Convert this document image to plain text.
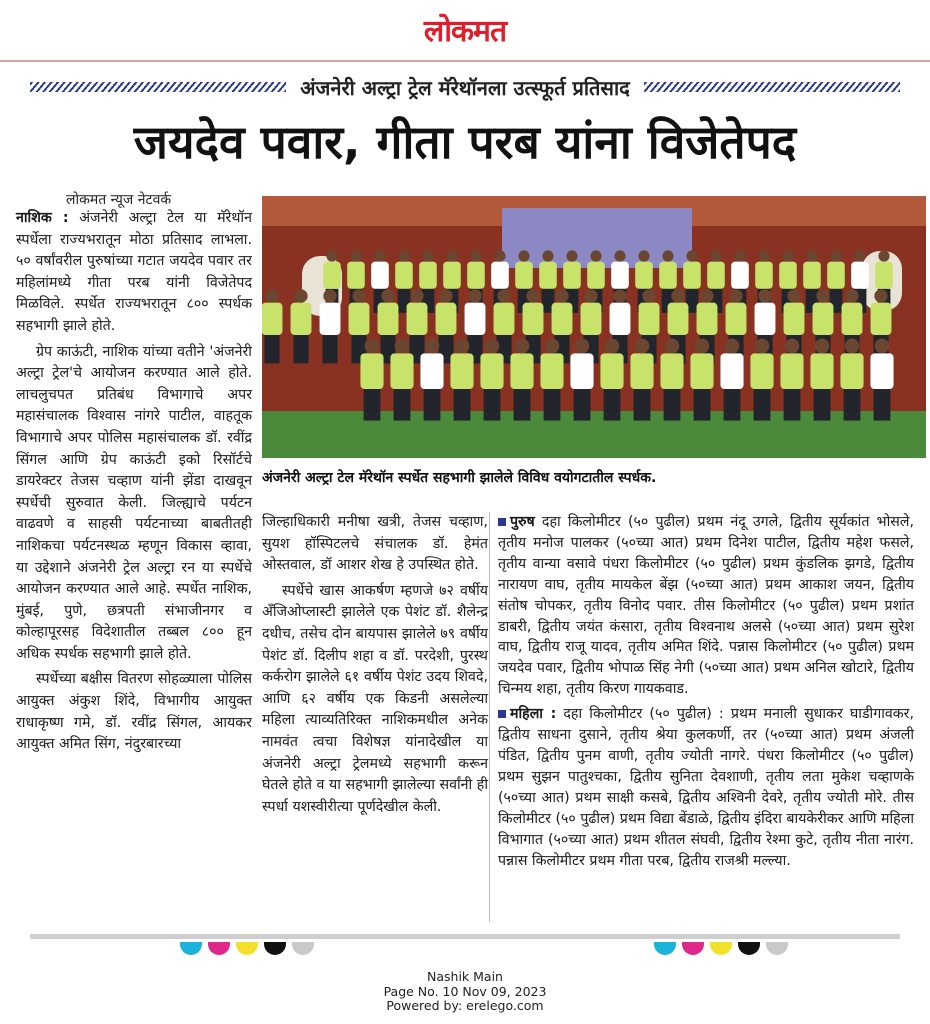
लोकमत
अंजनेरी अल्ट्रा ट्रेल मॅरेथॉनला उत्स्फूर्त प्रतिसाद
जयदेव पवार, गीता परब यांना विजेतेपद
लोकमत न्यूज नेटवर्क

नाशिक : अंजनेरी अल्ट्रा टेल या मॅरेथॉन स्पर्धेला राज्यभरातून मोठा प्रतिसाद लाभला. ५० वर्षांवरील पुरुषांच्या गटात जयदेव पवार तर महिलांमध्ये गीता परब यांनी विजेतेपद मिळविले. स्पर्धेत राज्यभरातून ८०० स्पर्धक सहभागी झाले होते.

ग्रेप काऊंटी, नाशिक यांच्या वतीने 'अंजनेरी अल्ट्रा ट्रेल'चे आयोजन करण्यात आले होते. लाचलुचपत प्रतिबंध विभागाचे अपर महासंचालक विश्वास नांगरे पाटील, वाहतूक विभागाचे अपर पोलिस महासंचालक डॉ. रवींद्र सिंगल आणि ग्रेप काऊंटी इको रिसॉर्टचे डायरेक्टर तेजस चव्हाण यांनी झेंडा दाखवून स्पर्धेची सुरुवात केली. जिल्ह्याचे पर्यटन वाढवणे व साहसी पर्यटनाच्या बाबतीतही नाशिकचा पर्यटनस्थळ म्हणून विकास व्हावा, या उद्देशाने अंजनेरी ट्रेल अल्ट्रा रन या स्पर्धेचे आयोजन करण्यात आले आहे. स्पर्धेत नाशिक, मुंबई, पुणे, छत्रपती संभाजीनगर व कोल्हापूरसह विदेशातील तब्बल ८०० हून अधिक स्पर्धक सहभागी झाले होते.

स्पर्धेच्या बक्षीस वितरण सोहळ्याला पोलिस आयुक्त अंकुश शिंदे, विभागीय आयुक्त राधाकृष्ण गमे, डॉ. रवींद्र सिंगल, आयकर आयुक्त अमित सिंग, नंदुरबारच्या

अंजनेरी अल्ट्रा टेल मॅरेथॉन स्पर्धेत सहभागी झालेले विविध वयोगटातील स्पर्धक.

जिल्हाधिकारी मनीषा खत्री, तेजस चव्हाण, सुयश हॉस्पिटलचे संचालक डॉ. हेमंत ओस्तवाल, डॉ आशर शेख हे उपस्थित होते.

स्पर्धेचे खास आकर्षण म्हणजे ७२ वर्षीय अँजिओप्लास्टी झालेले एक पेशंट डॉ. शैलेन्द्र दधीच, तसेच दोन बायपास झालेले ७९ वर्षीय पेशंट डॉ. दिलीप शहा व डॉ. परदेशी, पुरस्थ कर्करोग झालेले ६१ वर्षीय पेशंट उदय शिवदे, आणि ६२ वर्षीय एक किडनी असलेल्या महिला त्याव्यतिरिक्त नाशिकमधील अनेक नामवंत त्वचा विशेषज्ञ यांनादेखील या अंजनेरी अल्ट्रा ट्रेलमध्ये सहभागी करून घेतले होते व या सहभागी झालेल्या सर्वांनी ही स्पर्धा यशस्वीरीत्या पूर्णदेखील केली.

पुरुष दहा किलोमीटर (५० पुढील) प्रथम नंदू उगले, द्वितीय सूर्यकांत भोसले, तृतीय मनोज पालकर (५०च्या आत) प्रथम दिनेश पाटील, द्वितीय महेश फसले, तृतीय वान्या वसावे पंधरा किलोमीटर (५० पुढील) प्रथम कुंडलिक झगडे, द्वितीय नारायण वाघ, तृतीय मायकेल बेंझ (५०च्या आत) प्रथम आकाश जयन, द्वितीय संतोष चोपकर, तृतीय विनोद पवार. तीस किलोमीटर (५० पुढील) प्रथम प्रशांत डाबरी, द्वितीय जयंत कंसारा, तृतीय विश्वनाथ अलसे (५०च्या आत) प्रथम सुरेश वाघ, द्वितीय राजू यादव, तृतीय अमित शिंदे. पन्नास किलोमीटर (५० पुढील) प्रथम जयदेव पवार, द्वितीय भोपाळ सिंह नेगी (५०च्या आत) प्रथम अनिल खोटारे, द्वितीय चिन्मय शहा, तृतीय किरण गायकवाड.

महिला : दहा किलोमीटर (५० पुढील) : प्रथम मनाली सुधाकर घाडीगावकर, द्वितीय साधना दुसाने, तृतीय श्रेया कुलकर्णी, तर (५०च्या आत) प्रथम अंजली पंडित, द्वितीय पुनम वाणी, तृतीय ज्योती नागरे. पंधरा किलोमीटर (५० पुढील) प्रथम सुझन पातुश्चका, द्वितीय सुनिता देवशाणी, तृतीय लता मुकेश चव्हाणके (५०च्या आत) प्रथम साक्षी कसबे, द्वितीय अश्विनी देवरे, तृतीय ज्योती मोरे. तीस किलोमीटर (५० पुढील) प्रथम विद्या बेंडाळे, द्वितीय इंदिरा बायकेरीकर आणि महिला विभागात (५०च्या आत) प्रथम शीतल संघवी, द्वितीय रेश्मा कुटे, तृतीय नीता नारंग. पन्नास किलोमीटर प्रथम गीता परब, द्वितीय राजश्री मल्ल्या.

Nashik Main
Page No. 10 Nov 09, 2023
Powered by: erelego.com
